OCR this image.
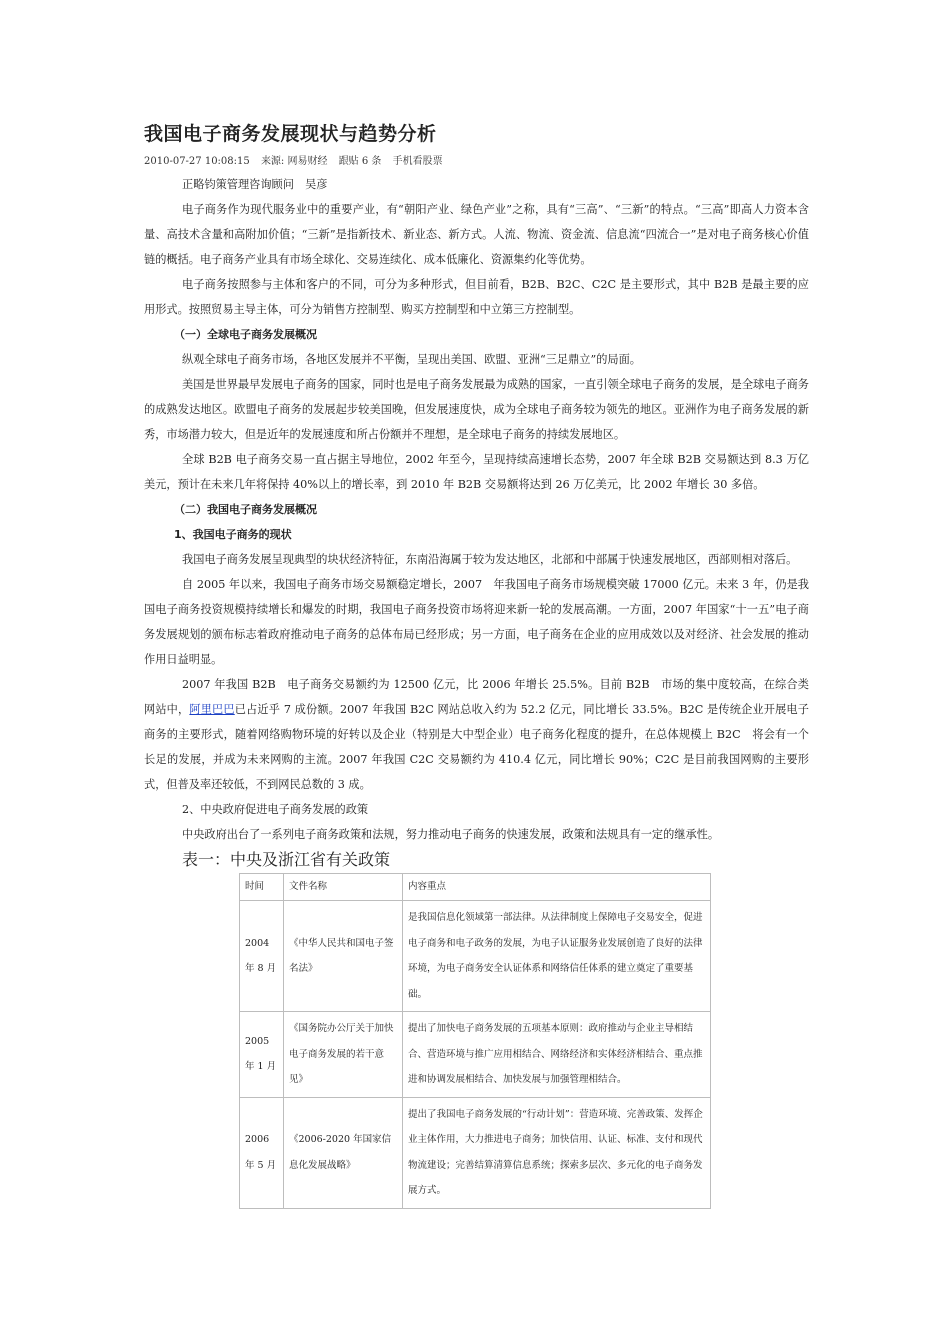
我国电子商务发展现状与趋势分析
2010-07-27 10:08:15 来源: 网易财经 跟贴 6 条 手机看股票

正略钧策管理咨询顾问　吴彦

电子商务作为现代服务业中的重要产业，有“朝阳产业、绿色产业”之称，具有“三高”、“三新”的特点。“三高”即高人力资本含量、高技术含量和高附加价值；“三新”是指新技术、新业态、新方式。人流、物流、资金流、信息流“四流合一”是对电子商务核心价值链的概括。电子商务产业具有市场全球化、交易连续化、成本低廉化、资源集约化等优势。

电子商务按照参与主体和客户的不同，可分为多种形式，但目前看，B2B、B2C、C2C 是主要形式，其中 B2B 是最主要的应用形式。按照贸易主导主体，可分为销售方控制型、购买方控制型和中立第三方控制型。

（一）全球电子商务发展概况

纵观全球电子商务市场，各地区发展并不平衡，呈现出美国、欧盟、亚洲“三足鼎立”的局面。

美国是世界最早发展电子商务的国家，同时也是电子商务发展最为成熟的国家，一直引领全球电子商务的发展，是全球电子商务的成熟发达地区。欧盟电子商务的发展起步较美国晚，但发展速度快，成为全球电子商务较为领先的地区。亚洲作为电子商务发展的新秀，市场潜力较大，但是近年的发展速度和所占份额并不理想，是全球电子商务的持续发展地区。

全球 B2B 电子商务交易一直占据主导地位，2002 年至今，呈现持续高速增长态势，2007 年全球 B2B 交易额达到 8.3 万亿美元，预计在未来几年将保持 40%以上的增长率，到 2010 年 B2B 交易额将达到 26 万亿美元，比 2002 年增长 30 多倍。

（二）我国电子商务发展概况

1、我国电子商务的现状

我国电子商务发展呈现典型的块状经济特征，东南沿海属于较为发达地区，北部和中部属于快速发展地区，西部则相对落后。

自 2005 年以来，我国电子商务市场交易额稳定增长，2007　年我国电子商务市场规模突破 17000 亿元。未来 3 年，仍是我国电子商务投资规模持续增长和爆发的时期，我国电子商务投资市场将迎来新一轮的发展高潮。一方面，2007 年国家“十一五”电子商务发展规划的颁布标志着政府推动电子商务的总体布局已经形成；另一方面，电子商务在企业的应用成效以及对经济、社会发展的推动作用日益明显。

2007 年我国 B2B　电子商务交易额约为 12500 亿元，比 2006 年增长 25.5%。目前 B2B　市场的集中度较高，在综合类网站中，阿里巴巴已占近乎 7 成份额。2007 年我国 B2C 网站总收入约为 52.2 亿元，同比增长 33.5%。B2C 是传统企业开展电子商务的主要形式，随着网络购物环境的好转以及企业（特别是大中型企业）电子商务化程度的提升，在总体规模上 B2C　将会有一个长足的发展，并成为未来网购的主流。2007 年我国 C2C 交易额约为 410.4 亿元，同比增长 90%；C2C 是目前我国网购的主要形式，但普及率还较低，不到网民总数的 3 成。

2、中央政府促进电子商务发展的政策

中央政府出台了一系列电子商务政策和法规，努力推动电子商务的快速发展，政策和法规具有一定的继承性。

表一：中央及浙江省有关政策
时间	文件名称	内容重点
2004 年 8 月	《中华人民共和国电子签名法》	是我国信息化领域第一部法律。从法律制度上保障电子交易安全，促进电子商务和电子政务的发展，为电子认证服务业发展创造了良好的法律环境，为电子商务安全认证体系和网络信任体系的建立奠定了重要基础。
2005 年 1 月	《国务院办公厅关于加快电子商务发展的若干意见》	提出了加快电子商务发展的五项基本原则：政府推动与企业主导相结合、营造环境与推广应用相结合、网络经济和实体经济相结合、重点推进和协调发展相结合、加快发展与加强管理相结合。
2006 年 5 月	《2006-2020 年国家信息化发展战略》	提出了我国电子商务发展的“行动计划”：营造环境、完善政策、发挥企业主体作用，大力推进电子商务；加快信用、认证、标准、支付和现代物流建设；完善结算清算信息系统；探索多层次、多元化的电子商务发展方式。
